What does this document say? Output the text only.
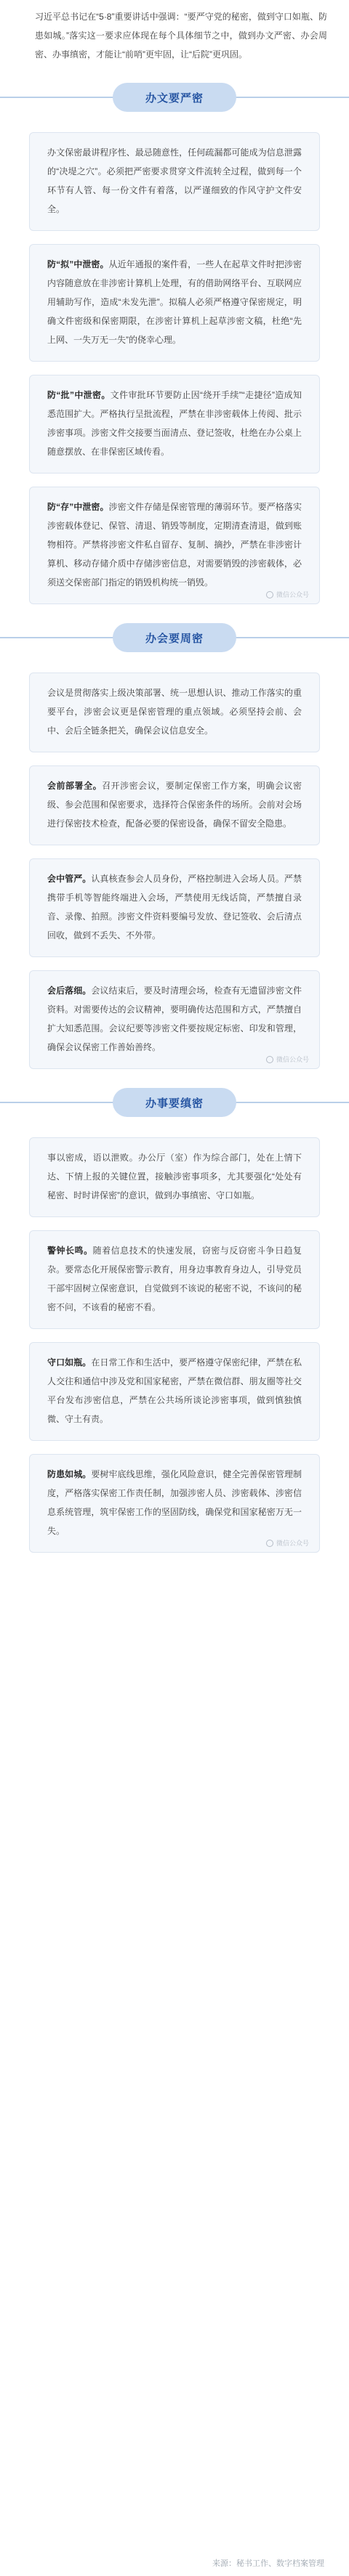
习近平总书记在“5·8”重要讲话中强调：“要严守党的秘密，做到守口如瓶、防患如城。”落实这一要求应体现在每个具体细节之中，做到办文严密、办会周密、办事缜密，才能让“前哨”更牢固，让“后院”更巩固。

办文要严密

办文保密最讲程序性、最忌随意性，任何疏漏都可能成为信息泄露的“决堤之穴”。必须把严密要求贯穿文件流转全过程，做到每一个环节有人管、每一份文件有着落，以严谨细致的作风守护文件安全。

防“拟”中泄密。从近年通报的案件看，一些人在起草文件时把涉密内容随意放在非涉密计算机上处理，有的借助网络平台、互联网应用辅助写作，造成“未发先泄”。拟稿人必须严格遵守保密规定，明确文件密级和保密期限，在涉密计算机上起草涉密文稿，杜绝“先上网、一失万无一失”的侥幸心理。

防“批”中泄密。文件审批环节要防止因“绕开手续”“走捷径”造成知悉范围扩大。严格执行呈批流程，严禁在非涉密载体上传阅、批示涉密事项。涉密文件交接要当面清点、登记签收，杜绝在办公桌上随意摆放、在非保密区域传看。

防“存”中泄密。涉密文件存储是保密管理的薄弱环节。要严格落实涉密载体登记、保管、清退、销毁等制度，定期清查清退，做到账物相符。严禁将涉密文件私自留存、复制、摘抄，严禁在非涉密计算机、移动存储介质中存储涉密信息，对需要销毁的涉密载体，必须送交保密部门指定的销毁机构统一销毁。

微信公众号
办会要周密

会议是贯彻落实上级决策部署、统一思想认识、推动工作落实的重要平台，涉密会议更是保密管理的重点领域。必须坚持会前、会中、会后全链条把关，确保会议信息安全。

会前部署全。召开涉密会议，要制定保密工作方案，明确会议密级、参会范围和保密要求，选择符合保密条件的场所。会前对会场进行保密技术检查，配备必要的保密设备，确保不留安全隐患。

会中管严。认真核查参会人员身份，严格控制进入会场人员。严禁携带手机等智能终端进入会场，严禁使用无线话筒，严禁擅自录音、录像、拍照。涉密文件资料要编号发放、登记签收、会后清点回收，做到不丢失、不外带。

会后落细。会议结束后，要及时清理会场，检查有无遗留涉密文件资料。对需要传达的会议精神，要明确传达范围和方式，严禁擅自扩大知悉范围。会议纪要等涉密文件要按规定标密、印发和管理，确保会议保密工作善始善终。

微信公众号
办事要缜密

事以密成，语以泄败。办公厅（室）作为综合部门，处在上情下达、下情上报的关键位置，接触涉密事项多，尤其要强化“处处有秘密、时时讲保密”的意识，做到办事缜密、守口如瓶。

警钟长鸣。随着信息技术的快速发展，窃密与反窃密斗争日趋复杂。要常态化开展保密警示教育，用身边事教育身边人，引导党员干部牢固树立保密意识，自觉做到不该说的秘密不说，不该问的秘密不问，不该看的秘密不看。

守口如瓶。在日常工作和生活中，要严格遵守保密纪律，严禁在私人交往和通信中涉及党和国家秘密，严禁在微信群、朋友圈等社交平台发布涉密信息，严禁在公共场所谈论涉密事项，做到慎独慎微、守土有责。

防患如城。要树牢底线思维，强化风险意识，健全完善保密管理制度，严格落实保密工作责任制，加强涉密人员、涉密载体、涉密信息系统管理，筑牢保密工作的坚固防线，确保党和国家秘密万无一失。

微信公众号
来源：秘书工作、数字档案管理
